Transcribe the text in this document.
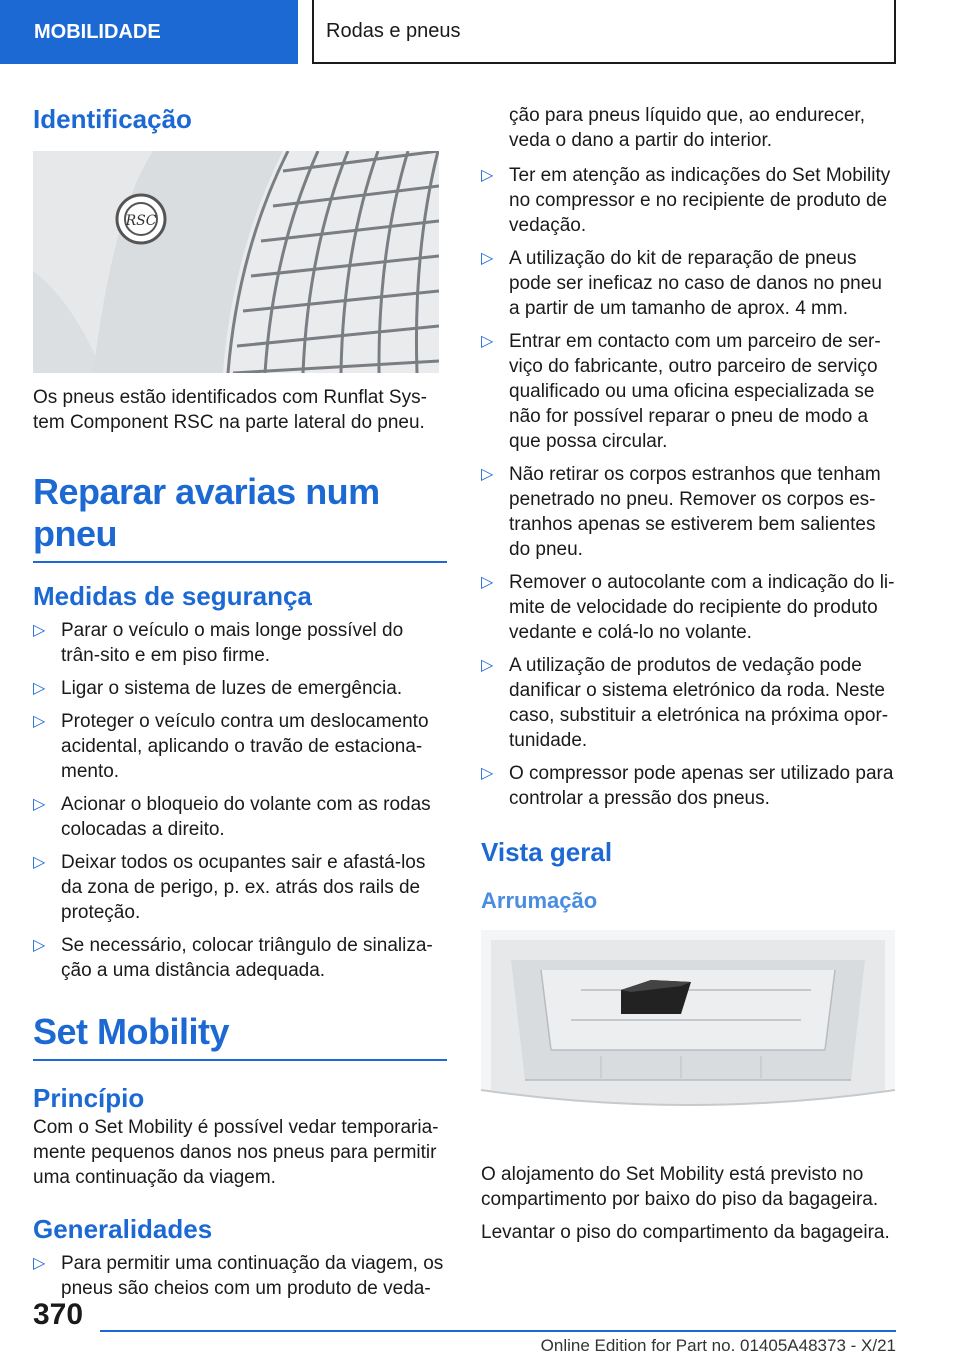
MOBILIDADE	Rodas e pneus
Identificação
RSC

Os pneus estão identificados com Runflat Sys-tem Component RSC na parte lateral do pneu.

Reparar avarias num pneu
Medidas de segurança
▷ Parar o veículo o mais longe possível do trân-sito e em piso firme.
▷ Ligar o sistema de luzes de emergência.
▷ Proteger o veículo contra um deslocamento acidental, aplicando o travão de estaciona-mento.
▷ Acionar o bloqueio do volante com as rodas colocadas a direito.
▷ Deixar todos os ocupantes sair e afastá-los da zona de perigo, p. ex. atrás dos rails de proteção.
▷ Se necessário, colocar triângulo de sinaliza-ção a uma distância adequada.
Set Mobility
Princípio

Com o Set Mobility é possível vedar temporaria-mente pequenos danos nos pneus para permitir uma continuação da viagem.

Generalidades
▷ Para permitir uma continuação da viagem, os pneus são cheios com um produto de veda-

ção para pneus líquido que, ao endurecer, veda o dano a partir do interior.

▷ Ter em atenção as indicações do Set Mobility no compressor e no recipiente de produto de vedação.
▷ A utilização do kit de reparação de pneus pode ser ineficaz no caso de danos no pneu a partir de um tamanho de aprox. 4 mm.
▷ Entrar em contacto com um parceiro de ser-viço do fabricante, outro parceiro de serviço qualificado ou uma oficina especializada se não for possível reparar o pneu de modo a que possa circular.
▷ Não retirar os corpos estranhos que tenham penetrado no pneu. Remover os corpos es-tranhos apenas se estiverem bem salientes do pneu.
▷ Remover o autocolante com a indicação do li-mite de velocidade do recipiente do produto vedante e colá-lo no volante.
▷ A utilização de produtos de vedação pode danificar o sistema eletrónico da roda. Neste caso, substituir a eletrónica na próxima opor-tunidade.
▷ O compressor pode apenas ser utilizado para controlar a pressão dos pneus.
Vista geral
Arrumação

O alojamento do Set Mobility está previsto no compartimento por baixo do piso da bagageira.

Levantar o piso do compartimento da bagageira.

370
Online Edition for Part no. 01405A48373 - X/21
